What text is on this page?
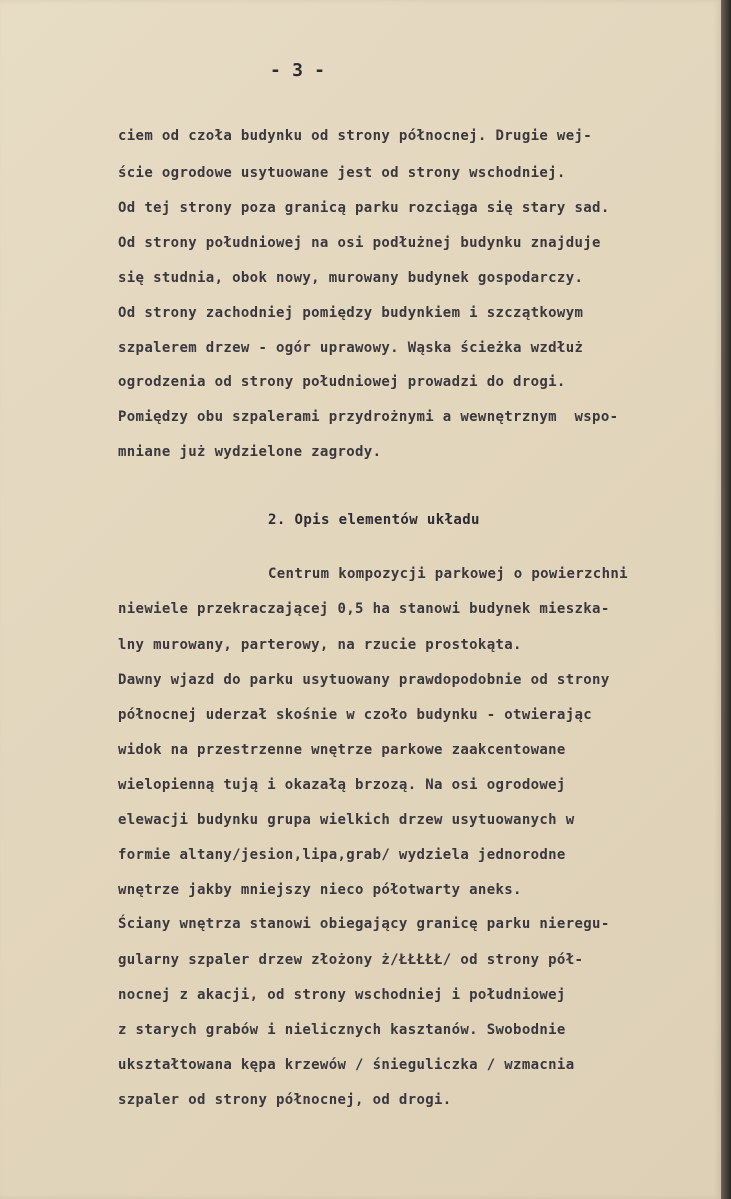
- 3 -
ciem od czoła budynku od strony północnej. Drugie wej-
ście ogrodowe usytuowane jest od strony wschodniej.
Od tej strony poza granicą parku rozciąga się stary sad.
Od strony południowej na osi podłużnej budynku znajduje
się studnia, obok nowy, murowany budynek gospodarczy.
Od strony zachodniej pomiędzy budynkiem i szczątkowym
szpalerem drzew - ogór uprawowy. Wąska ścieżka wzdłuż
ogrodzenia od strony południowej prowadzi do drogi.
Pomiędzy obu szpalerami przydrożnymi a wewnętrznym  wspo-
mniane już wydzielone zagrody.
2. Opis elementów układu
Centrum kompozycji parkowej o powierzchni
niewiele przekraczającej 0,5 ha stanowi budynek mieszka-
lny murowany, parterowy, na rzucie prostokąta.
Dawny wjazd do parku usytuowany prawdopodobnie od strony
północnej uderzał skośnie w czoło budynku - otwierając
widok na przestrzenne wnętrze parkowe zaakcentowane
wielopienną tują i okazałą brzozą. Na osi ogrodowej
elewacji budynku grupa wielkich drzew usytuowanych w
formie altany/jesion,lipa,grab/ wydziela jednorodne
wnętrze jakby mniejszy nieco półotwarty aneks.
Ściany wnętrza stanowi obiegający granicę parku nieregu-
gularny szpaler drzew złożony ż/ŁŁŁŁŁ/ od strony pół-
nocnej z akacji, od strony wschodniej i południowej
z starych grabów i nielicznych kasztanów. Swobodnie
ukształtowana kępa krzewów / śnieguliczka / wzmacnia
szpaler od strony północnej, od drogi.
